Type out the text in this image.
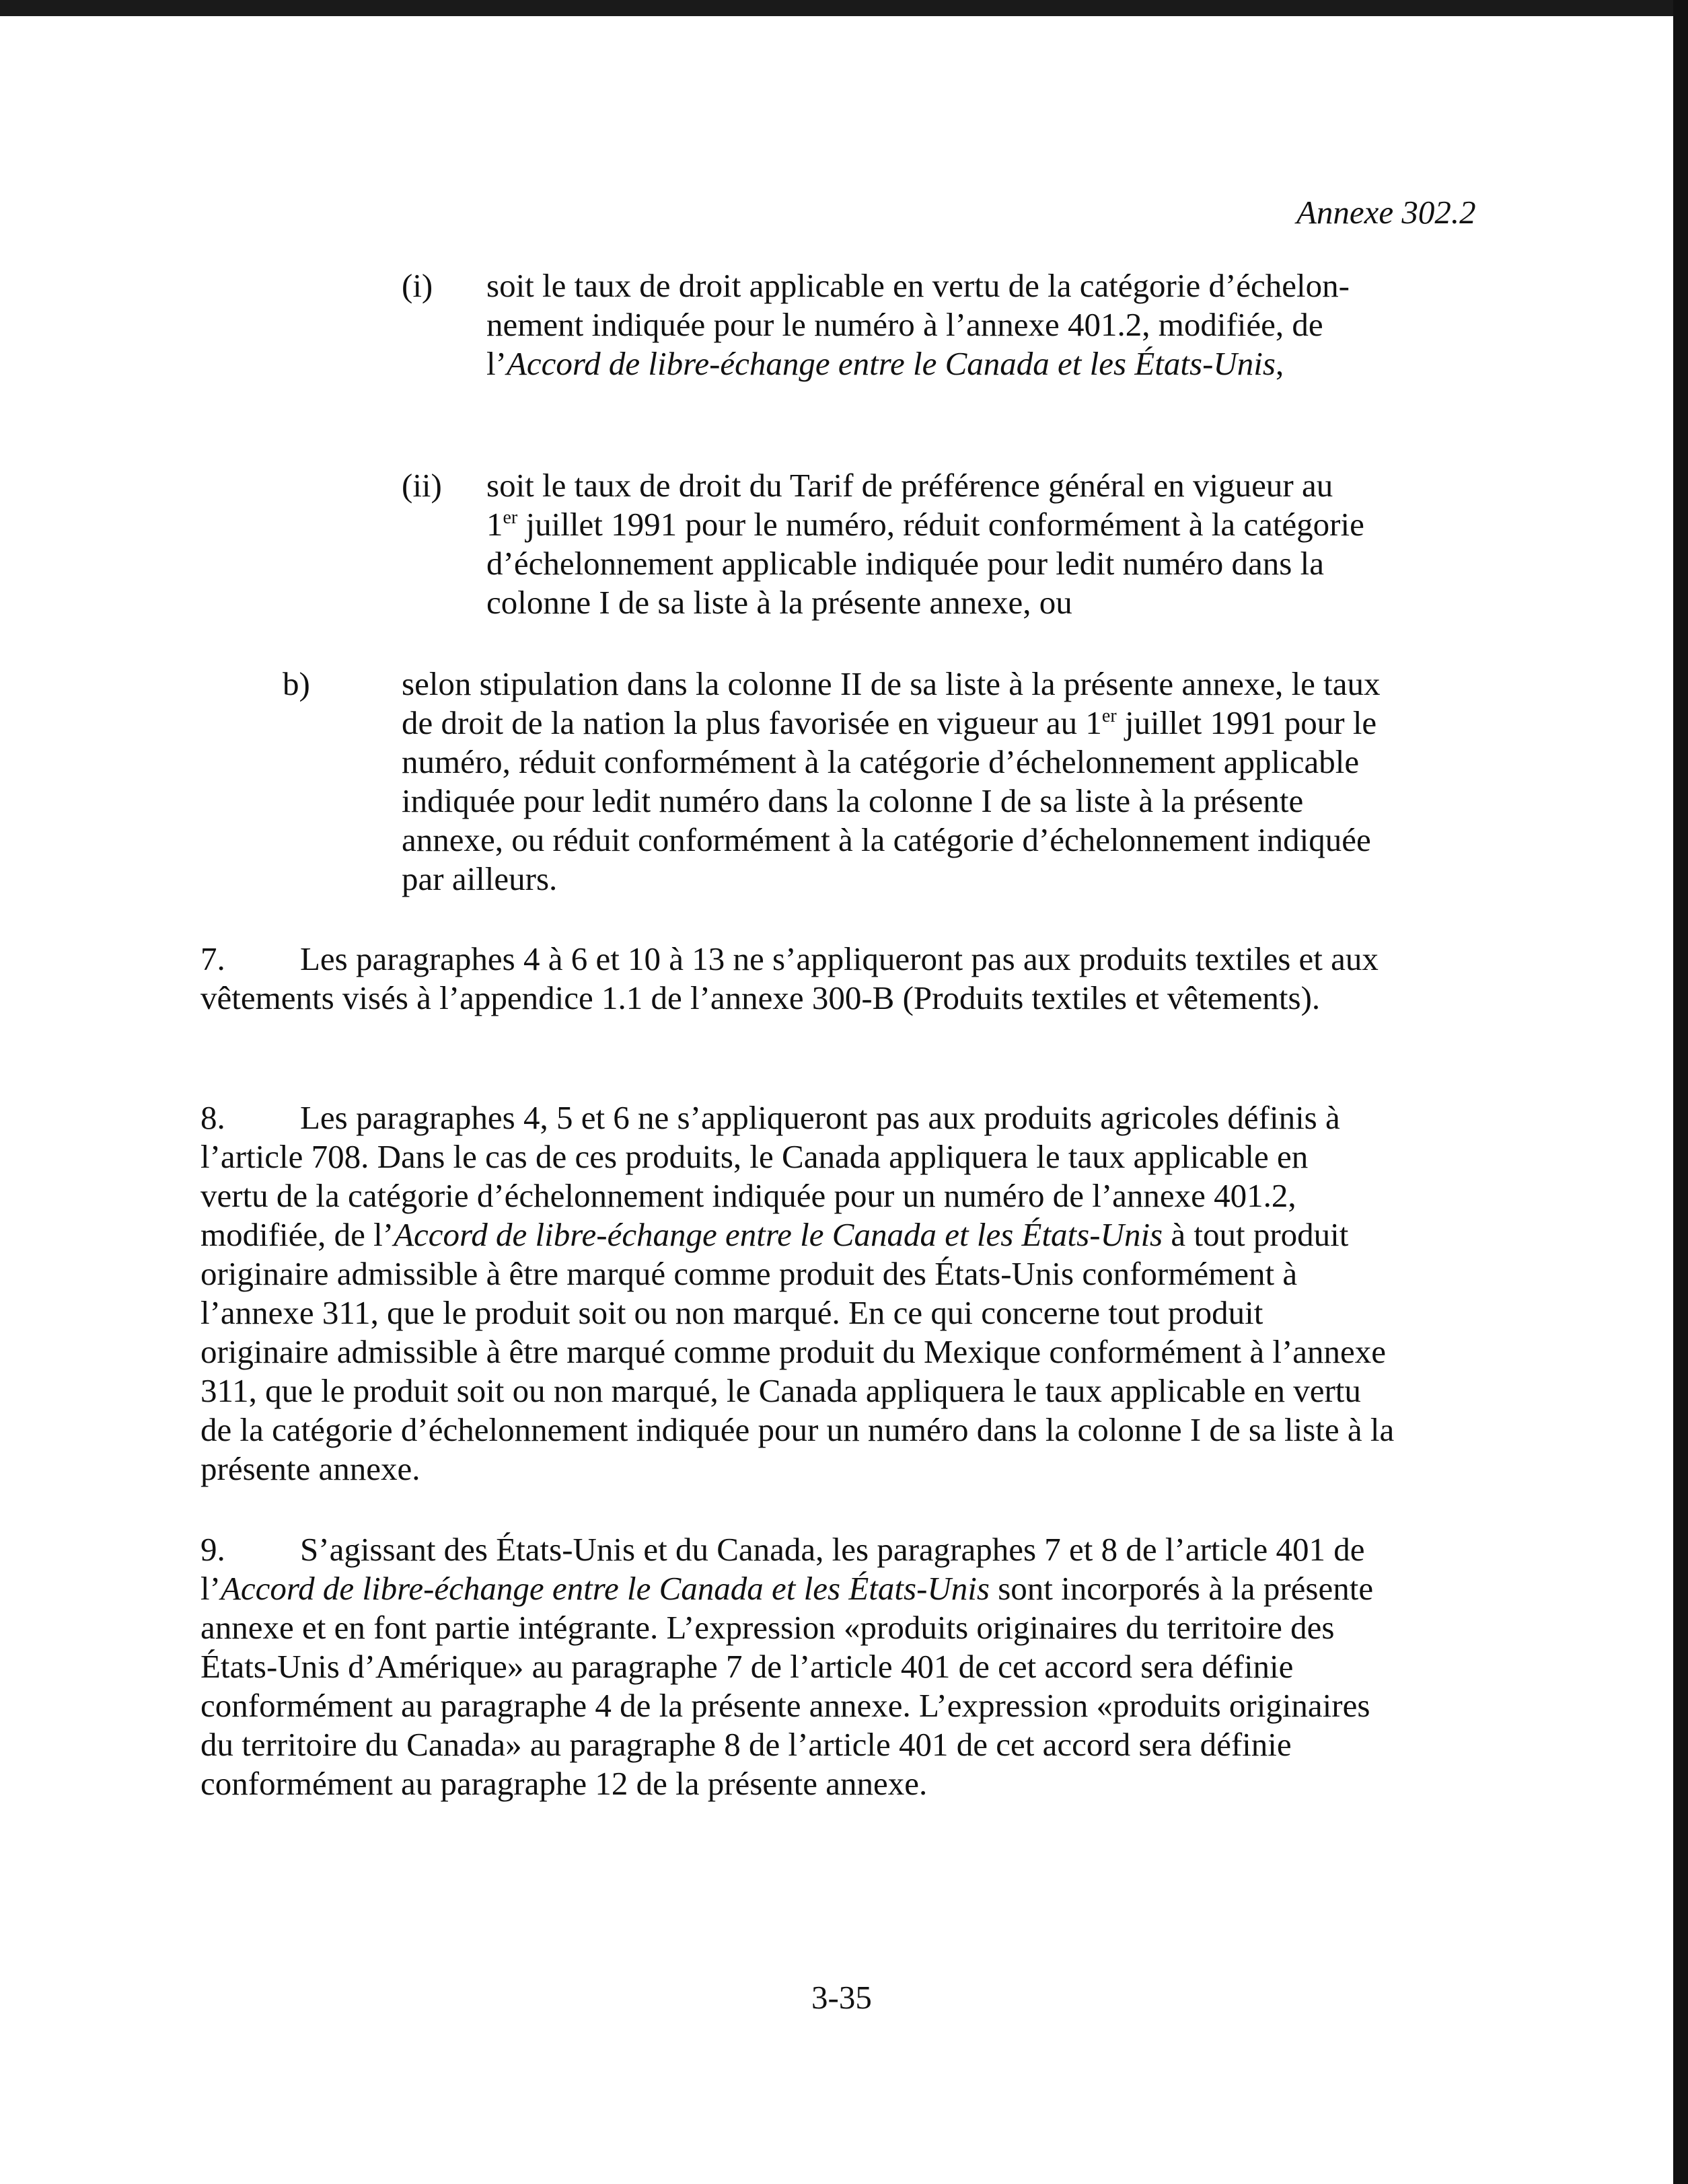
Annexe 302.2
(i) soit le taux de droit applicable en vertu de la catégorie d’échelon-
nement indiquée pour le numéro à l’annexe 401.2, modifiée, de
l’Accord de libre-échange entre le Canada et les États-Unis,
(ii) soit le taux de droit du Tarif de préférence général en vigueur au
1er juillet 1991 pour le numéro, réduit conformément à la catégorie
d’échelonnement applicable indiquée pour ledit numéro dans la
colonne I de sa liste à la présente annexe, ou
b)	selon stipulation dans la colonne II de sa liste à la présente annexe, le taux
de droit de la nation la plus favorisée en vigueur au 1er juillet 1991 pour le
numéro, réduit conformément à la catégorie d’échelonnement applicable
indiquée pour ledit numéro dans la colonne I de sa liste à la présente
annexe, ou réduit conformément à la catégorie d’échelonnement indiquée
par ailleurs.
7. Les paragraphes 4 à 6 et 10 à 13 ne s’appliqueront pas aux produits textiles et aux
vêtements visés à l’appendice 1.1 de l’annexe 300-B (Produits textiles et vêtements).
8. Les paragraphes 4, 5 et 6 ne s’appliqueront pas aux produits agricoles définis à
l’article 708. Dans le cas de ces produits, le Canada appliquera le taux applicable en
vertu de la catégorie d’échelonnement indiquée pour un numéro de l’annexe 401.2,
modifiée, de l’Accord de libre-échange entre le Canada et les États-Unis à tout produit
originaire admissible à être marqué comme produit des États-Unis conformément à
l’annexe 311, que le produit soit ou non marqué. En ce qui concerne tout produit
originaire admissible à être marqué comme produit du Mexique conformément à l’annexe
311, que le produit soit ou non marqué, le Canada appliquera le taux applicable en vertu
de la catégorie d’échelonnement indiquée pour un numéro dans la colonne I de sa liste à la
présente annexe.
9. S’agissant des États-Unis et du Canada, les paragraphes 7 et 8 de l’article 401 de
l’Accord de libre-échange entre le Canada et les États-Unis sont incorporés à la présente
annexe et en font partie intégrante. L’expression «produits originaires du territoire des
États-Unis d’Amérique» au paragraphe 7 de l’article 401 de cet accord sera définie
conformément au paragraphe 4 de la présente annexe. L’expression «produits originaires
du territoire du Canada» au paragraphe 8 de l’article 401 de cet accord sera définie
conformément au paragraphe 12 de la présente annexe.
3-35
